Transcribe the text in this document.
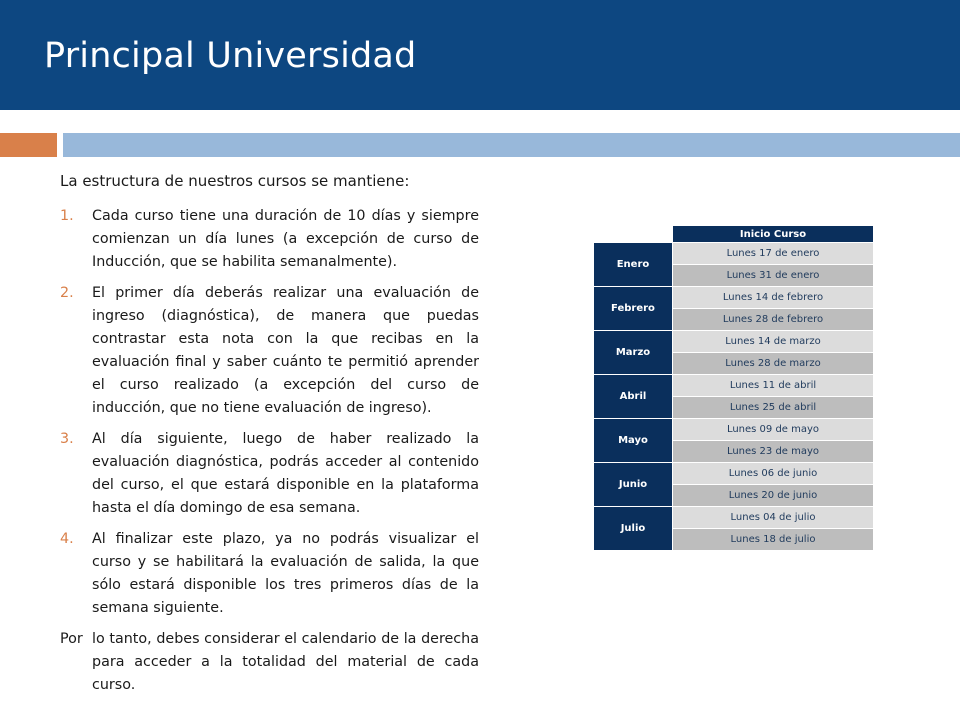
Principal Universidad

La estructura de nuestros cursos se mantiene:

1. Cada curso tiene una duración de 10 días y siempre comienzan un día lunes (a excepción de curso de Inducción, que se habilita semanalmente).
2. El primer día deberás realizar una evaluación de ingreso (diagnóstica), de manera que puedas contrastar esta nota con la que recibas en la evaluación final y saber cuánto te permitió aprender el curso realizado (a excepción del curso de inducción, que no tiene evaluación de ingreso).
3. Al día siguiente, luego de haber realizado la evaluación diagnóstica, podrás acceder al contenido del curso, el que estará disponible en la plataforma hasta el día domingo de esa semana.
4. Al finalizar este plazo, ya no podrás visualizar el curso y se habilitará la evaluación de salida, la que sólo estará disponible los tres primeros días de la semana siguiente.

Por lo tanto, debes considerar el calendario de la derecha para acceder a la totalidad del material de cada curso.

	Inicio Curso
Enero	Lunes 17 de enero
	Lunes 31 de enero
Febrero	Lunes 14 de febrero
	Lunes 28 de febrero
Marzo	Lunes 14 de marzo
	Lunes 28 de marzo
Abril	Lunes 11 de abril
	Lunes 25 de abril
Mayo	Lunes 09 de mayo
	Lunes 23 de mayo
Junio	Lunes 06 de junio
	Lunes 20 de junio
Julio	Lunes 04 de julio
	Lunes 18 de julio
